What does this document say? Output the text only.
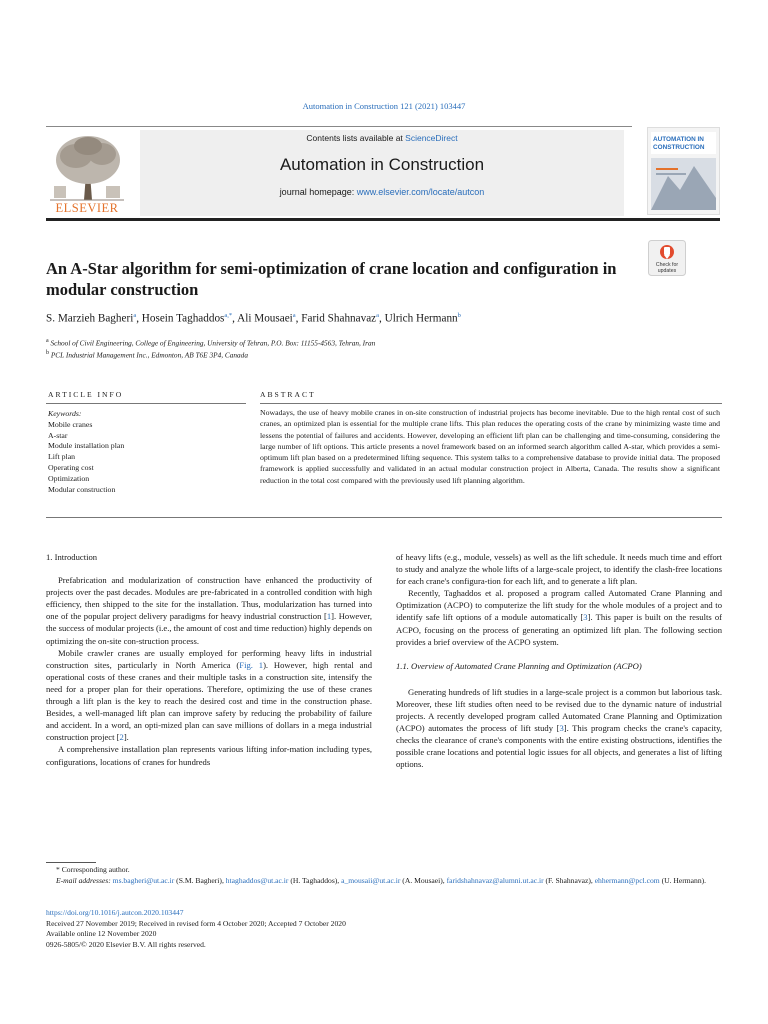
Automation in Construction 121 (2021) 103447
ELSEVIER
Contents lists available at ScienceDirect
Automation in Construction
journal homepage: www.elsevier.com/locate/autcon
AUTOMATION IN
CONSTRUCTION
Check for
updates
An A-Star algorithm for semi-optimization of crane location and configuration in modular construction
S. Marzieh Bagheri$^a$, Hosein Taghaddos$^{a,*}$, Ali Mousaei$^a$, Farid Shahnavaz$^a$, Ulrich Hermann$^b$
$^a$ School of Civil Engineering, College of Engineering, University of Tehran, P.O. Box: 11155-4563, Tehran, Iran
$^b$ PCL Industrial Management Inc., Edmonton, AB T6E 3P4, Canada
ARTICLE INFO	ABSTRACT
Keywords:
Mobile cranes
A-star
Module installation plan
Lift plan
Operating cost
Optimization
Modular construction
Nowadays, the use of heavy mobile cranes in on-site construction of industrial projects has become inevitable. Due to the high rental cost of such cranes, an optimized plan is essential for the multiple crane lifts. This plan reduces the operating costs of the crane by minimizing waste time and lessens the potential of failures and accidents. However, developing an efficient lift plan can be challenging and time-consuming, considering the large number of lift options. This article presents a novel framework based on an informed search algorithm called A-star, which provides a semi-optimum lift plan based on a predetermined lifting sequence. This system talks to a comprehensive database to provide initial data. The proposed framework is applied successfully and validated in an actual modular construction project in Alberta, Canada. The results show a significant reduction in the total cost compared with the previously used lift planning algorithm.
1. Introduction

Prefabrication and modularization of construction have enhanced the productivity of projects over the past decades. Modules are pre-fabricated in a controlled condition with high efficiency, then shipped to the site for the installation. Thus, modularization has turned into one of the popular project delivery paradigms for heavy industrial construction [1]. However, the success of modular projects (i.e., the amount of cost and time reduction) highly depends on optimizing the on-site con-struction process.

Mobile crawler cranes are usually employed for performing heavy lifts in industrial construction sites, particularly in North America (Fig. 1). However, high rental and operational costs of these cranes and their multiple tasks in a construction site, intensify the need for a proper plan for their operations. Therefore, optimizing the use of these cranes through a lift plan is the key to reach the desired cost and time in the construction phase. Besides, a well-managed lift plan can improve safety by reducing the probability of failure and accident. In a word, an opti-mized plan can save millions of dollars in a mega industrial construction project [2].

A comprehensive installation plan represents various lifting infor-mation including types, configurations, locations of cranes for hundreds

of heavy lifts (e.g., module, vessels) as well as the lift schedule. It needs much time and effort to study and analyze the whole lifts of a large-scale project, to identify the clash-free locations for each crane's configura-tion for each lift, and to generate a lift plan.

Recently, Taghaddos et al. proposed a program called Automated Crane Planning and Optimization (ACPO) to computerize the lift study for the whole modules of a project and to identify safe lift options of a module automatically [3]. This paper is built on the results of ACPO, focusing on the process of generating an optimized lift plan. The following section provides a brief overview of the ACPO system.

1.1. Overview of Automated Crane Planning and Optimization (ACPO)

Generating hundreds of lift studies in a large-scale project is a common but laborious task. Moreover, these lift studies often need to be revised due to the dynamic nature of industrial projects. A recently developed program called Automated Crane Planning and Optimization (ACPO) automates the process of lift study [3]. This program checks the crane's capacity, checks the clearance of crane's components with the entire existing obstructions, identifies the possible crane locations and potential logic issues for all objects, and generates a list of lifting options.

* Corresponding author.
E-mail addresses: ms.bagheri@ut.ac.ir (S.M. Bagheri), htaghaddos@ut.ac.ir (H. Taghaddos), a_mousaii@ut.ac.ir (A. Mousaei), faridshahnavaz@alumni.ut.ac.ir (F. Shahnavaz), ehhermann@pcl.com (U. Hermann).
https://doi.org/10.1016/j.autcon.2020.103447
Received 27 November 2019; Received in revised form 4 October 2020; Accepted 7 October 2020
Available online 12 November 2020
0926-5805/© 2020 Elsevier B.V. All rights reserved.
